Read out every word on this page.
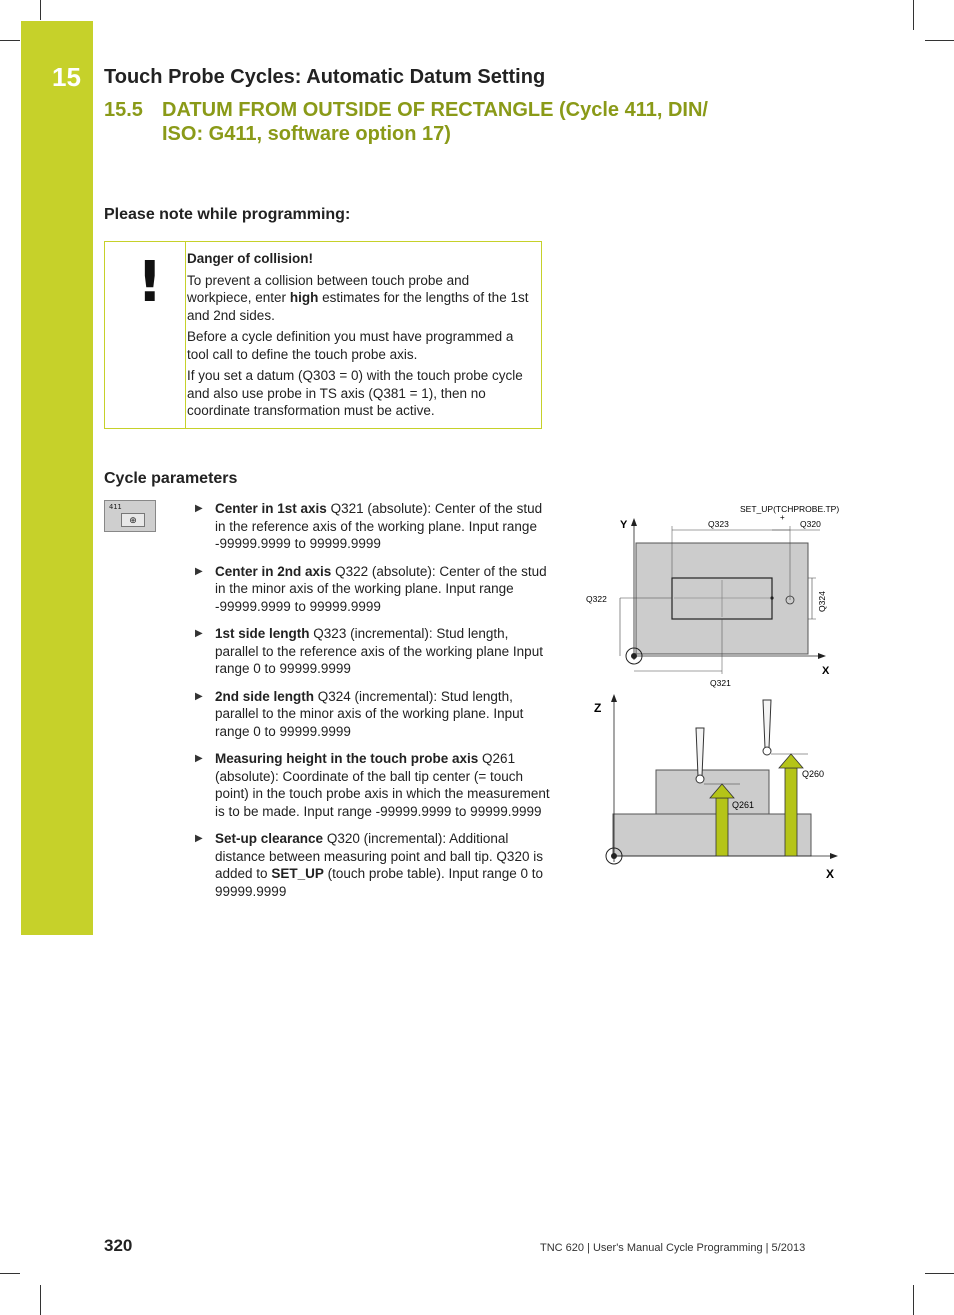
15 Touch Probe Cycles: Automatic Datum Setting
15.5 DATUM FROM OUTSIDE OF RECTANGLE (Cycle 411, DIN/
ISO: G411, software option 17)
Please note while programming:
! Danger of collision!

To prevent a collision between touch probe and workpiece, enter high estimates for the lengths of the 1st and 2nd sides.

Before a cycle definition you must have programmed a tool call to define the touch probe axis.

If you set a datum (Q303 = 0) with the touch probe cycle and also use probe in TS axis (Q381 = 1), then no coordinate transformation must be active.

Cycle parameters
411
⊕
▶ Center in 1st axis Q321 (absolute): Center of the stud in the reference axis of the working plane. Input range -99999.9999 to 99999.9999
▶ Center in 2nd axis Q322 (absolute): Center of the stud in the minor axis of the working plane. Input range -99999.9999 to 99999.9999
▶ 1st side length Q323 (incremental): Stud length, parallel to the reference axis of the working plane Input range 0 to 99999.9999
▶ 2nd side length Q324 (incremental): Stud length, parallel to the minor axis of the working plane. Input range 0 to 99999.9999
▶ Measuring height in the touch probe axis Q261 (absolute): Coordinate of the ball tip center (= touch point) in the touch probe axis in which the measurement is to be made. Input range -99999.9999 to 99999.9999
▶ Set-up clearance Q320 (incremental): Additional distance between measuring point and ball tip. Q320 is added to SET_UP (touch probe table). Input range 0 to 99999.9999
Y
X
SET_UP(TCHPROBE.TP)
+
Q323	Q320
Q322	Q324
Q321
Z
X
Q261
Q260
320	TNC 620 | User's Manual Cycle Programming | 5/2013
